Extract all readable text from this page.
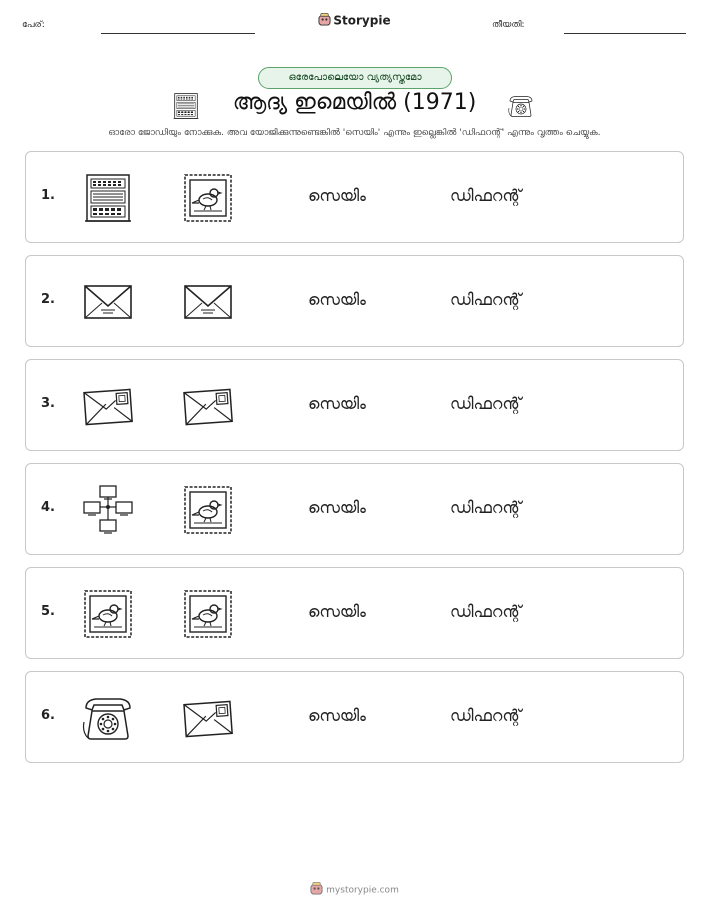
പേര്:	Storypie	തീയതി:
ഒരേപോലെയോ വ്യത്യസ്തമോ
ആദ്യ ഇമെയിൽ (1971)
ഓരോ ജോഡിയും നോക്കുക. അവ യോജിക്കുന്നുണ്ടെങ്കിൽ 'സെയിം' എന്നും ഇല്ലെങ്കിൽ 'ഡിഫറന്റ്' എന്നും വൃത്തം ചെയ്യുക.
1.	സെയിം	ഡിഫറന്റ്
2.	സെയിം	ഡിഫറന്റ്
3.	സെയിം	ഡിഫറന്റ്
4.	സെയിം	ഡിഫറന്റ്
5.	സെയിം	ഡിഫറന്റ്
6.	സെയിം	ഡിഫറന്റ്
mystorypie.com
